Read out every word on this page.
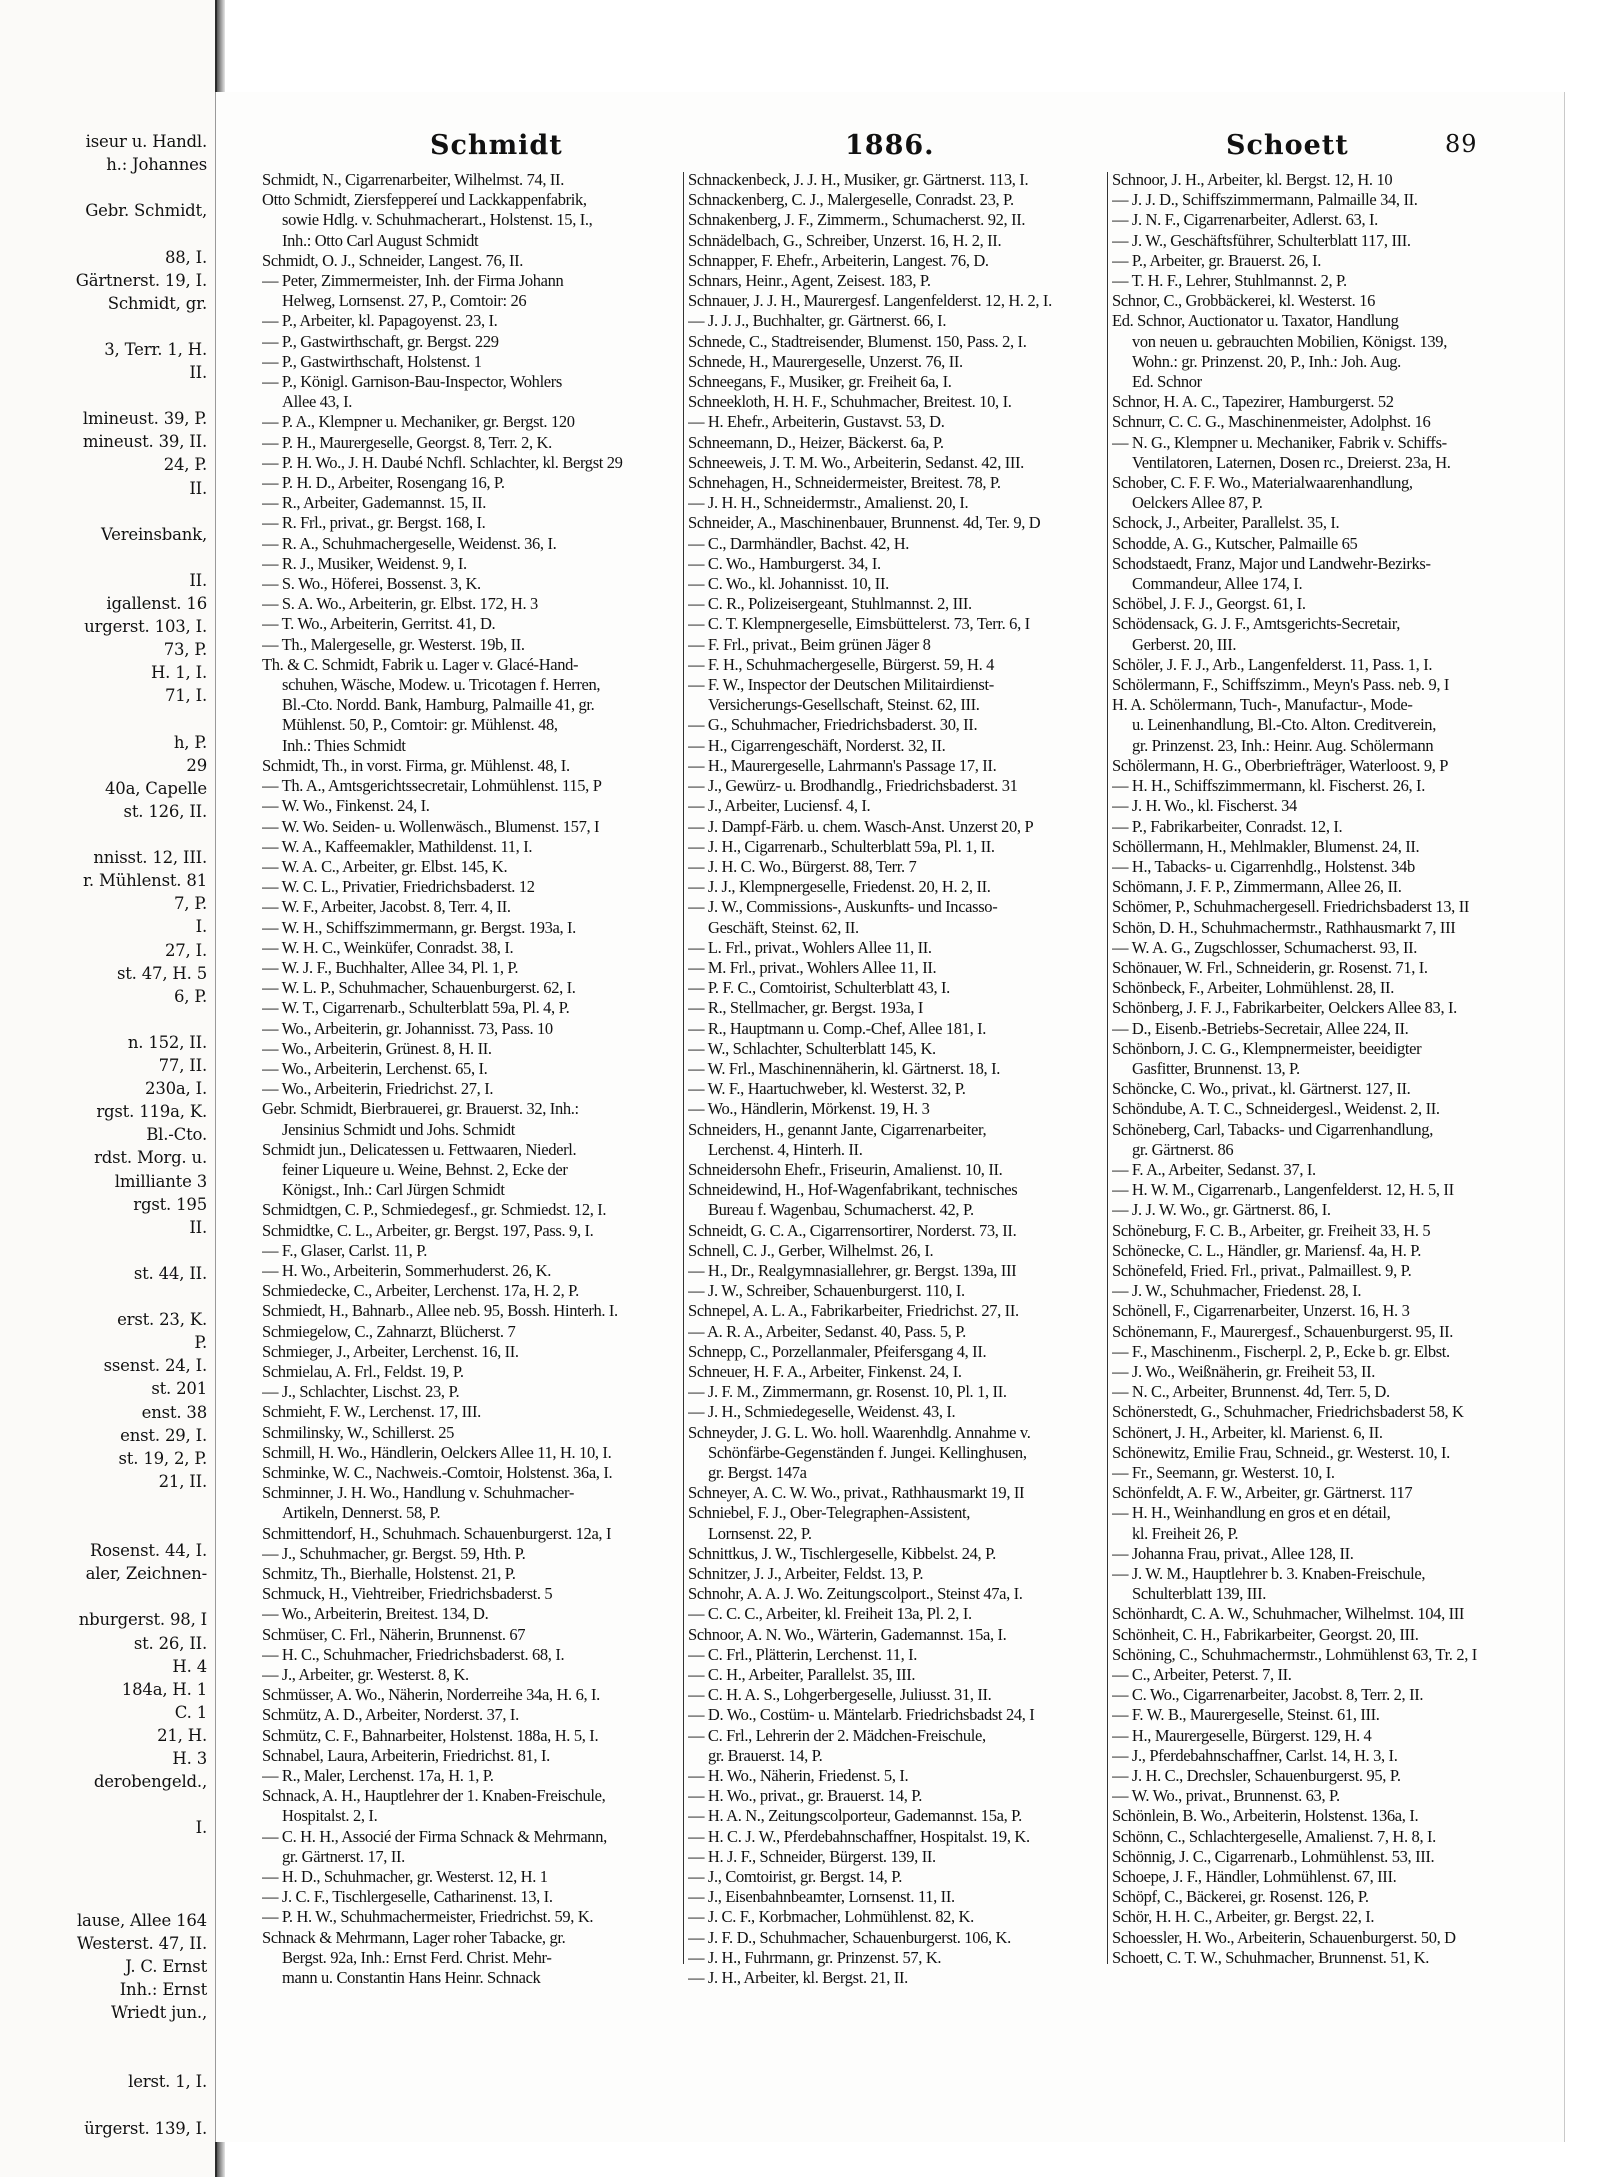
iseur u. Handl.
h.: Johannes
Gebr. Schmidt,
88, I.
Gärtnerst. 19, I.
Schmidt, gr.
3, Terr. 1, H.
II.
lmineust. 39, P.
mineust. 39, II.
24, P.
II.
Vereinsbank,
II.
igallenst. 16
urgerst. 103, I.
73, P.
H. 1, I.
71, I.
h, P.
29
40a, Capelle
st. 126, II.
nnisst. 12, III.
r. Mühlenst. 81
7, P.
I.
27, I.
st. 47, H. 5
6, P.
n. 152, II.
77, II.
230a, I.
rgst. 119a, K.
Bl.-Cto.
rdst. Morg. u.
lmilliante 3
rgst. 195
II.
st. 44, II.
erst. 23, K.
P.
ssenst. 24, I.
st. 201
enst. 38
enst. 29, I.
st. 19, 2, P.
21, II.
Rosenst. 44, I.
aler, Zeichnen-
nburgerst. 98, I
st. 26, II.
H. 4
184a, H. 1
C. 1
21, H.
H. 3
derobengeld.,
I.
lause, Allee 164
Westerst. 47, II.
J. C. Ernst
Inh.: Ernst
Wriedt jun.,
lerst. 1, I.
ürgerst. 139, I.
Schmidt	1886.	Schoett	89
Schmidt, N., Cigarrenarbeiter, Wilhelmst. 74, II.
Otto Schmidt, Ziersfeppereí und Lackkappenfabrik,
sowie Hdlg. v. Schuhmacherart., Holstenst. 15, I.,
Inh.: Otto Carl August Schmidt
Schmidt, O. J., Schneider, Langest. 76, II.
— Peter, Zimmermeister, Inh. der Firma Johann
Helweg, Lornsenst. 27, P., Comtoir: 26
— P., Arbeiter, kl. Papagoyenst. 23, I.
— P., Gastwirthschaft, gr. Bergst. 229
— P., Gastwirthschaft, Holstenst. 1
— P., Königl. Garnison-Bau-Inspector, Wohlers
Allee 43, I.
— P. A., Klempner u. Mechaniker, gr. Bergst. 120
— P. H., Maurergeselle, Georgst. 8, Terr. 2, K.
— P. H. Wo., J. H. Daubé Nchfl. Schlachter, kl. Bergst 29
— P. H. D., Arbeiter, Rosengang 16, P.
— R., Arbeiter, Gademannst. 15, II.
— R. Frl., privat., gr. Bergst. 168, I.
— R. A., Schuhmachergeselle, Weidenst. 36, I.
— R. J., Musiker, Weidenst. 9, I.
— S. Wo., Höferei, Bossenst. 3, K.
— S. A. Wo., Arbeiterin, gr. Elbst. 172, H. 3
— T. Wo., Arbeiterin, Gerritst. 41, D.
— Th., Malergeselle, gr. Westerst. 19b, II.
Th. & C. Schmidt, Fabrik u. Lager v. Glacé-Hand-
schuhen, Wäsche, Modew. u. Tricotagen f. Herren,
Bl.-Cto. Nordd. Bank, Hamburg, Palmaille 41, gr.
Mühlenst. 50, P., Comtoir: gr. Mühlenst. 48,
Inh.: Thies Schmidt
Schmidt, Th., in vorst. Firma, gr. Mühlenst. 48, I.
— Th. A., Amtsgerichtssecretair, Lohmühlenst. 115, P
— W. Wo., Finkenst. 24, I.
— W. Wo. Seiden- u. Wollenwäsch., Blumenst. 157, I
— W. A., Kaffeemakler, Mathildenst. 11, I.
— W. A. C., Arbeiter, gr. Elbst. 145, K.
— W. C. L., Privatier, Friedrichsbaderst. 12
— W. F., Arbeiter, Jacobst. 8, Terr. 4, II.
— W. H., Schiffszimmermann, gr. Bergst. 193a, I.
— W. H. C., Weinküfer, Conradst. 38, I.
— W. J. F., Buchhalter, Allee 34, Pl. 1, P.
— W. L. P., Schuhmacher, Schauenburgerst. 62, I.
— W. T., Cigarrenarb., Schulterblatt 59a, Pl. 4, P.
— Wo., Arbeiterin, gr. Johannisst. 73, Pass. 10
— Wo., Arbeiterin, Grünest. 8, H. II.
— Wo., Arbeiterin, Lerchenst. 65, I.
— Wo., Arbeiterin, Friedrichst. 27, I.
Gebr. Schmidt, Bierbrauerei, gr. Brauerst. 32, Inh.:
Jensinius Schmidt und Johs. Schmidt
Schmidt jun., Delicatessen u. Fettwaaren, Niederl.
feiner Liqueure u. Weine, Behnst. 2, Ecke der
Königst., Inh.: Carl Jürgen Schmidt
Schmidtgen, C. P., Schmiedegesf., gr. Schmiedst. 12, I.
Schmidtke, C. L., Arbeiter, gr. Bergst. 197, Pass. 9, I.
— F., Glaser, Carlst. 11, P.
— H. Wo., Arbeiterin, Sommerhuderst. 26, K.
Schmiedecke, C., Arbeiter, Lerchenst. 17a, H. 2, P.
Schmiedt, H., Bahnarb., Allee neb. 95, Bossh. Hinterh. I.
Schmiegelow, C., Zahnarzt, Blücherst. 7
Schmieger, J., Arbeiter, Lerchenst. 16, II.
Schmielau, A. Frl., Feldst. 19, P.
— J., Schlachter, Lischst. 23, P.
Schmieht, F. W., Lerchenst. 17, III.
Schmilinsky, W., Schillerst. 25
Schmill, H. Wo., Händlerin, Oelckers Allee 11, H. 10, I.
Schminke, W. C., Nachweis.-Comtoir, Holstenst. 36a, I.
Schminner, J. H. Wo., Handlung v. Schuhmacher-
Artikeln, Dennerst. 58, P.
Schmittendorf, H., Schuhmach. Schauenburgerst. 12a, I
— J., Schuhmacher, gr. Bergst. 59, Hth. P.
Schmitz, Th., Bierhalle, Holstenst. 21, P.
Schmuck, H., Viehtreiber, Friedrichsbaderst. 5
— Wo., Arbeiterin, Breitest. 134, D.
Schmüser, C. Frl., Näherin, Brunnenst. 67
— H. C., Schuhmacher, Friedrichsbaderst. 68, I.
— J., Arbeiter, gr. Westerst. 8, K.
Schmüsser, A. Wo., Näherin, Norderreihe 34a, H. 6, I.
Schmütz, A. D., Arbeiter, Norderst. 37, I.
Schmütz, C. F., Bahnarbeiter, Holstenst. 188a, H. 5, I.
Schnabel, Laura, Arbeiterin, Friedrichst. 81, I.
— R., Maler, Lerchenst. 17a, H. 1, P.
Schnack, A. H., Hauptlehrer der 1. Knaben-Freischule,
Hospitalst. 2, I.
— C. H. H., Associé der Firma Schnack & Mehrmann,
gr. Gärtnerst. 17, II.
— H. D., Schuhmacher, gr. Westerst. 12, H. 1
— J. C. F., Tischlergeselle, Catharinenst. 13, I.
— P. H. W., Schuhmachermeister, Friedrichst. 59, K.
Schnack & Mehrmann, Lager roher Tabacke, gr.
Bergst. 92a, Inh.: Ernst Ferd. Christ. Mehr-
mann u. Constantin Hans Heinr. Schnack
Schnackenbeck, J. J. H., Musiker, gr. Gärtnerst. 113, I.
Schnackenberg, C. J., Malergeselle, Conradst. 23, P.
Schnakenberg, J. F., Zimmerm., Schumacherst. 92, II.
Schnädelbach, G., Schreiber, Unzerst. 16, H. 2, II.
Schnapper, F. Ehefr., Arbeiterin, Langest. 76, D.
Schnars, Heinr., Agent, Zeisest. 183, P.
Schnauer, J. J. H., Maurergesf. Langenfelderst. 12, H. 2, I.
— J. J. J., Buchhalter, gr. Gärtnerst. 66, I.
Schnede, C., Stadtreisender, Blumenst. 150, Pass. 2, I.
Schnede, H., Maurergeselle, Unzerst. 76, II.
Schneegans, F., Musiker, gr. Freiheit 6a, I.
Schneekloth, H. H. F., Schuhmacher, Breitest. 10, I.
— H. Ehefr., Arbeiterin, Gustavst. 53, D.
Schneemann, D., Heizer, Bäckerst. 6a, P.
Schneeweis, J. T. M. Wo., Arbeiterin, Sedanst. 42, III.
Schnehagen, H., Schneidermeister, Breitest. 78, P.
— J. H. H., Schneidermstr., Amalienst. 20, I.
Schneider, A., Maschinenbauer, Brunnenst. 4d, Ter. 9, D
— C., Darmhändler, Bachst. 42, H.
— C. Wo., Hamburgerst. 34, I.
— C. Wo., kl. Johannisst. 10, II.
— C. R., Polizeisergeant, Stuhlmannst. 2, III.
— C. T. Klempnergeselle, Eimsbüttelerst. 73, Terr. 6, I
— F. Frl., privat., Beim grünen Jäger 8
— F. H., Schuhmachergeselle, Bürgerst. 59, H. 4
— F. W., Inspector der Deutschen Militairdienst-
Versicherungs-Gesellschaft, Steinst. 62, III.
— G., Schuhmacher, Friedrichsbaderst. 30, II.
— H., Cigarrengeschäft, Norderst. 32, II.
— H., Maurergeselle, Lahrmann's Passage 17, II.
— J., Gewürz- u. Brodhandlg., Friedrichsbaderst. 31
— J., Arbeiter, Luciensf. 4, I.
— J. Dampf-Färb. u. chem. Wasch-Anst. Unzerst 20, P
— J. H., Cigarrenarb., Schulterblatt 59a, Pl. 1, II.
— J. H. C. Wo., Bürgerst. 88, Terr. 7
— J. J., Klempnergeselle, Friedenst. 20, H. 2, II.
— J. W., Commissions-, Auskunfts- und Incasso-
Geschäft, Steinst. 62, II.
— L. Frl., privat., Wohlers Allee 11, II.
— M. Frl., privat., Wohlers Allee 11, II.
— P. F. C., Comtoirist, Schulterblatt 43, I.
— R., Stellmacher, gr. Bergst. 193a, I
— R., Hauptmann u. Comp.-Chef, Allee 181, I.
— W., Schlachter, Schulterblatt 145, K.
— W. Frl., Maschinennäherin, kl. Gärtnerst. 18, I.
— W. F., Haartuchweber, kl. Westerst. 32, P.
— Wo., Händlerin, Mörkenst. 19, H. 3
Schneiders, H., genannt Jante, Cigarrenarbeiter,
Lerchenst. 4, Hinterh. II.
Schneidersohn Ehefr., Friseurin, Amalienst. 10, II.
Schneidewind, H., Hof-Wagenfabrikant, technisches
Bureau f. Wagenbau, Schumacherst. 42, P.
Schneidt, G. C. A., Cigarrensortirer, Norderst. 73, II.
Schnell, C. J., Gerber, Wilhelmst. 26, I.
— H., Dr., Realgymnasiallehrer, gr. Bergst. 139a, III
— J. W., Schreiber, Schauenburgerst. 110, I.
Schnepel, A. L. A., Fabrikarbeiter, Friedrichst. 27, II.
— A. R. A., Arbeiter, Sedanst. 40, Pass. 5, P.
Schnepp, C., Porzellanmaler, Pfeifersgang 4, II.
Schneuer, H. F. A., Arbeiter, Finkenst. 24, I.
— J. F. M., Zimmermann, gr. Rosenst. 10, Pl. 1, II.
— J. H., Schmiedegeselle, Weidenst. 43, I.
Schneyder, J. G. L. Wo. holl. Waarenhdlg. Annahme v.
Schönfärbe-Gegenständen f. Jungei. Kellinghusen,
gr. Bergst. 147a
Schneyer, A. C. W. Wo., privat., Rathhausmarkt 19, II
Schniebel, F. J., Ober-Telegraphen-Assistent,
Lornsenst. 22, P.
Schnittkus, J. W., Tischlergeselle, Kibbelst. 24, P.
Schnitzer, J. J., Arbeiter, Feldst. 13, P.
Schnohr, A. A. J. Wo. Zeitungscolport., Steinst 47a, I.
— C. C. C., Arbeiter, kl. Freiheit 13a, Pl. 2, I.
Schnoor, A. N. Wo., Wärterin, Gademannst. 15a, I.
— C. Frl., Plätterin, Lerchenst. 11, I.
— C. H., Arbeiter, Parallelst. 35, III.
— C. H. A. S., Lohgerbergeselle, Juliusst. 31, II.
— D. Wo., Costüm- u. Mäntelarb. Friedrichsbadst 24, I
— C. Frl., Lehrerin der 2. Mädchen-Freischule,
gr. Brauerst. 14, P.
— H. Wo., Näherin, Friedenst. 5, I.
— H. Wo., privat., gr. Brauerst. 14, P.
— H. A. N., Zeitungscolporteur, Gademannst. 15a, P.
— H. C. J. W., Pferdebahnschaffner, Hospitalst. 19, K.
— H. J. F., Schneider, Bürgerst. 139, II.
— J., Comtoirist, gr. Bergst. 14, P.
— J., Eisenbahnbeamter, Lornsenst. 11, II.
— J. C. F., Korbmacher, Lohmühlenst. 82, K.
— J. F. D., Schuhmacher, Schauenburgerst. 106, K.
— J. H., Fuhrmann, gr. Prinzenst. 57, K.
— J. H., Arbeiter, kl. Bergst. 21, II.
Schnoor, J. H., Arbeiter, kl. Bergst. 12, H. 10
— J. J. D., Schiffszimmermann, Palmaille 34, II.
— J. N. F., Cigarrenarbeiter, Adlerst. 63, I.
— J. W., Geschäftsführer, Schulterblatt 117, III.
— P., Arbeiter, gr. Brauerst. 26, I.
— T. H. F., Lehrer, Stuhlmannst. 2, P.
Schnor, C., Grobbäckerei, kl. Westerst. 16
Ed. Schnor, Auctionator u. Taxator, Handlung
von neuen u. gebrauchten Mobilien, Königst. 139,
Wohn.: gr. Prinzenst. 20, P., Inh.: Joh. Aug.
Ed. Schnor
Schnor, H. A. C., Tapezirer, Hamburgerst. 52
Schnurr, C. C. G., Maschinenmeister, Adolphst. 16
— N. G., Klempner u. Mechaniker, Fabrik v. Schiffs-
Ventilatoren, Laternen, Dosen rc., Dreierst. 23a, H.
Schober, C. F. F. Wo., Materialwaarenhandlung,
Oelckers Allee 87, P.
Schock, J., Arbeiter, Parallelst. 35, I.
Schodde, A. G., Kutscher, Palmaille 65
Schodstaedt, Franz, Major und Landwehr-Bezirks-
Commandeur, Allee 174, I.
Schöbel, J. F. J., Georgst. 61, I.
Schödensack, G. J. F., Amtsgerichts-Secretair,
Gerberst. 20, III.
Schöler, J. F. J., Arb., Langenfelderst. 11, Pass. 1, I.
Schölermann, F., Schiffszimm., Meyn's Pass. neb. 9, I
H. A. Schölermann, Tuch-, Manufactur-, Mode-
u. Leinenhandlung, Bl.-Cto. Alton. Creditverein,
gr. Prinzenst. 23, Inh.: Heinr. Aug. Schölermann
Schölermann, H. G., Oberbriefträger, Waterloost. 9, P
— H. H., Schiffszimmermann, kl. Fischerst. 26, I.
— J. H. Wo., kl. Fischerst. 34
— P., Fabrikarbeiter, Conradst. 12, I.
Schöllermann, H., Mehlmakler, Blumenst. 24, II.
— H., Tabacks- u. Cigarrenhdlg., Holstenst. 34b
Schömann, J. F. P., Zimmermann, Allee 26, II.
Schömer, P., Schuhmachergesell. Friedrichsbaderst 13, II
Schön, D. H., Schuhmachermstr., Rathhausmarkt 7, III
— W. A. G., Zugschlosser, Schumacherst. 93, II.
Schönauer, W. Frl., Schneiderin, gr. Rosenst. 71, I.
Schönbeck, F., Arbeiter, Lohmühlenst. 28, II.
Schönberg, J. F. J., Fabrikarbeiter, Oelckers Allee 83, I.
— D., Eisenb.-Betriebs-Secretair, Allee 224, II.
Schönborn, J. C. G., Klempnermeister, beeidigter
Gasfitter, Brunnenst. 13, P.
Schöncke, C. Wo., privat., kl. Gärtnerst. 127, II.
Schöndube, A. T. C., Schneidergesl., Weidenst. 2, II.
Schöneberg, Carl, Tabacks- und Cigarrenhandlung,
gr. Gärtnerst. 86
— F. A., Arbeiter, Sedanst. 37, I.
— H. W. M., Cigarrenarb., Langenfelderst. 12, H. 5, II
— J. J. W. Wo., gr. Gärtnerst. 86, I.
Schöneburg, F. C. B., Arbeiter, gr. Freiheit 33, H. 5
Schönecke, C. L., Händler, gr. Mariensf. 4a, H. P.
Schönefeld, Fried. Frl., privat., Palmaillest. 9, P.
— J. W., Schuhmacher, Friedenst. 28, I.
Schönell, F., Cigarrenarbeiter, Unzerst. 16, H. 3
Schönemann, F., Maurergesf., Schauenburgerst. 95, II.
— F., Maschinenm., Fischerpl. 2, P., Ecke b. gr. Elbst.
— J. Wo., Weißnäherin, gr. Freiheit 53, II.
— N. C., Arbeiter, Brunnenst. 4d, Terr. 5, D.
Schönerstedt, G., Schuhmacher, Friedrichsbaderst 58, K
Schönert, J. H., Arbeiter, kl. Marienst. 6, II.
Schönewitz, Emilie Frau, Schneid., gr. Westerst. 10, I.
— Fr., Seemann, gr. Westerst. 10, I.
Schönfeldt, A. F. W., Arbeiter, gr. Gärtnerst. 117
— H. H., Weinhandlung en gros et en détail,
kl. Freiheit 26, P.
— Johanna Frau, privat., Allee 128, II.
— J. W. M., Hauptlehrer b. 3. Knaben-Freischule,
Schulterblatt 139, III.
Schönhardt, C. A. W., Schuhmacher, Wilhelmst. 104, III
Schönheit, C. H., Fabrikarbeiter, Georgst. 20, III.
Schöning, C., Schuhmachermstr., Lohmühlenst 63, Tr. 2, I
— C., Arbeiter, Peterst. 7, II.
— C. Wo., Cigarrenarbeiter, Jacobst. 8, Terr. 2, II.
— F. W. B., Maurergeselle, Steinst. 61, III.
— H., Maurergeselle, Bürgerst. 129, H. 4
— J., Pferdebahnschaffner, Carlst. 14, H. 3, I.
— J. H. C., Drechsler, Schauenburgerst. 95, P.
— W. Wo., privat., Brunnenst. 63, P.
Schönlein, B. Wo., Arbeiterin, Holstenst. 136a, I.
Schönn, C., Schlachtergeselle, Amalienst. 7, H. 8, I.
Schönnig, J. C., Cigarrenarb., Lohmühlenst. 53, III.
Schoepe, J. F., Händler, Lohmühlenst. 67, III.
Schöpf, C., Bäckerei, gr. Rosenst. 126, P.
Schör, H. H. C., Arbeiter, gr. Bergst. 22, I.
Schoessler, H. Wo., Arbeiterin, Schauenburgerst. 50, D
Schoett, C. T. W., Schuhmacher, Brunnenst. 51, K.
